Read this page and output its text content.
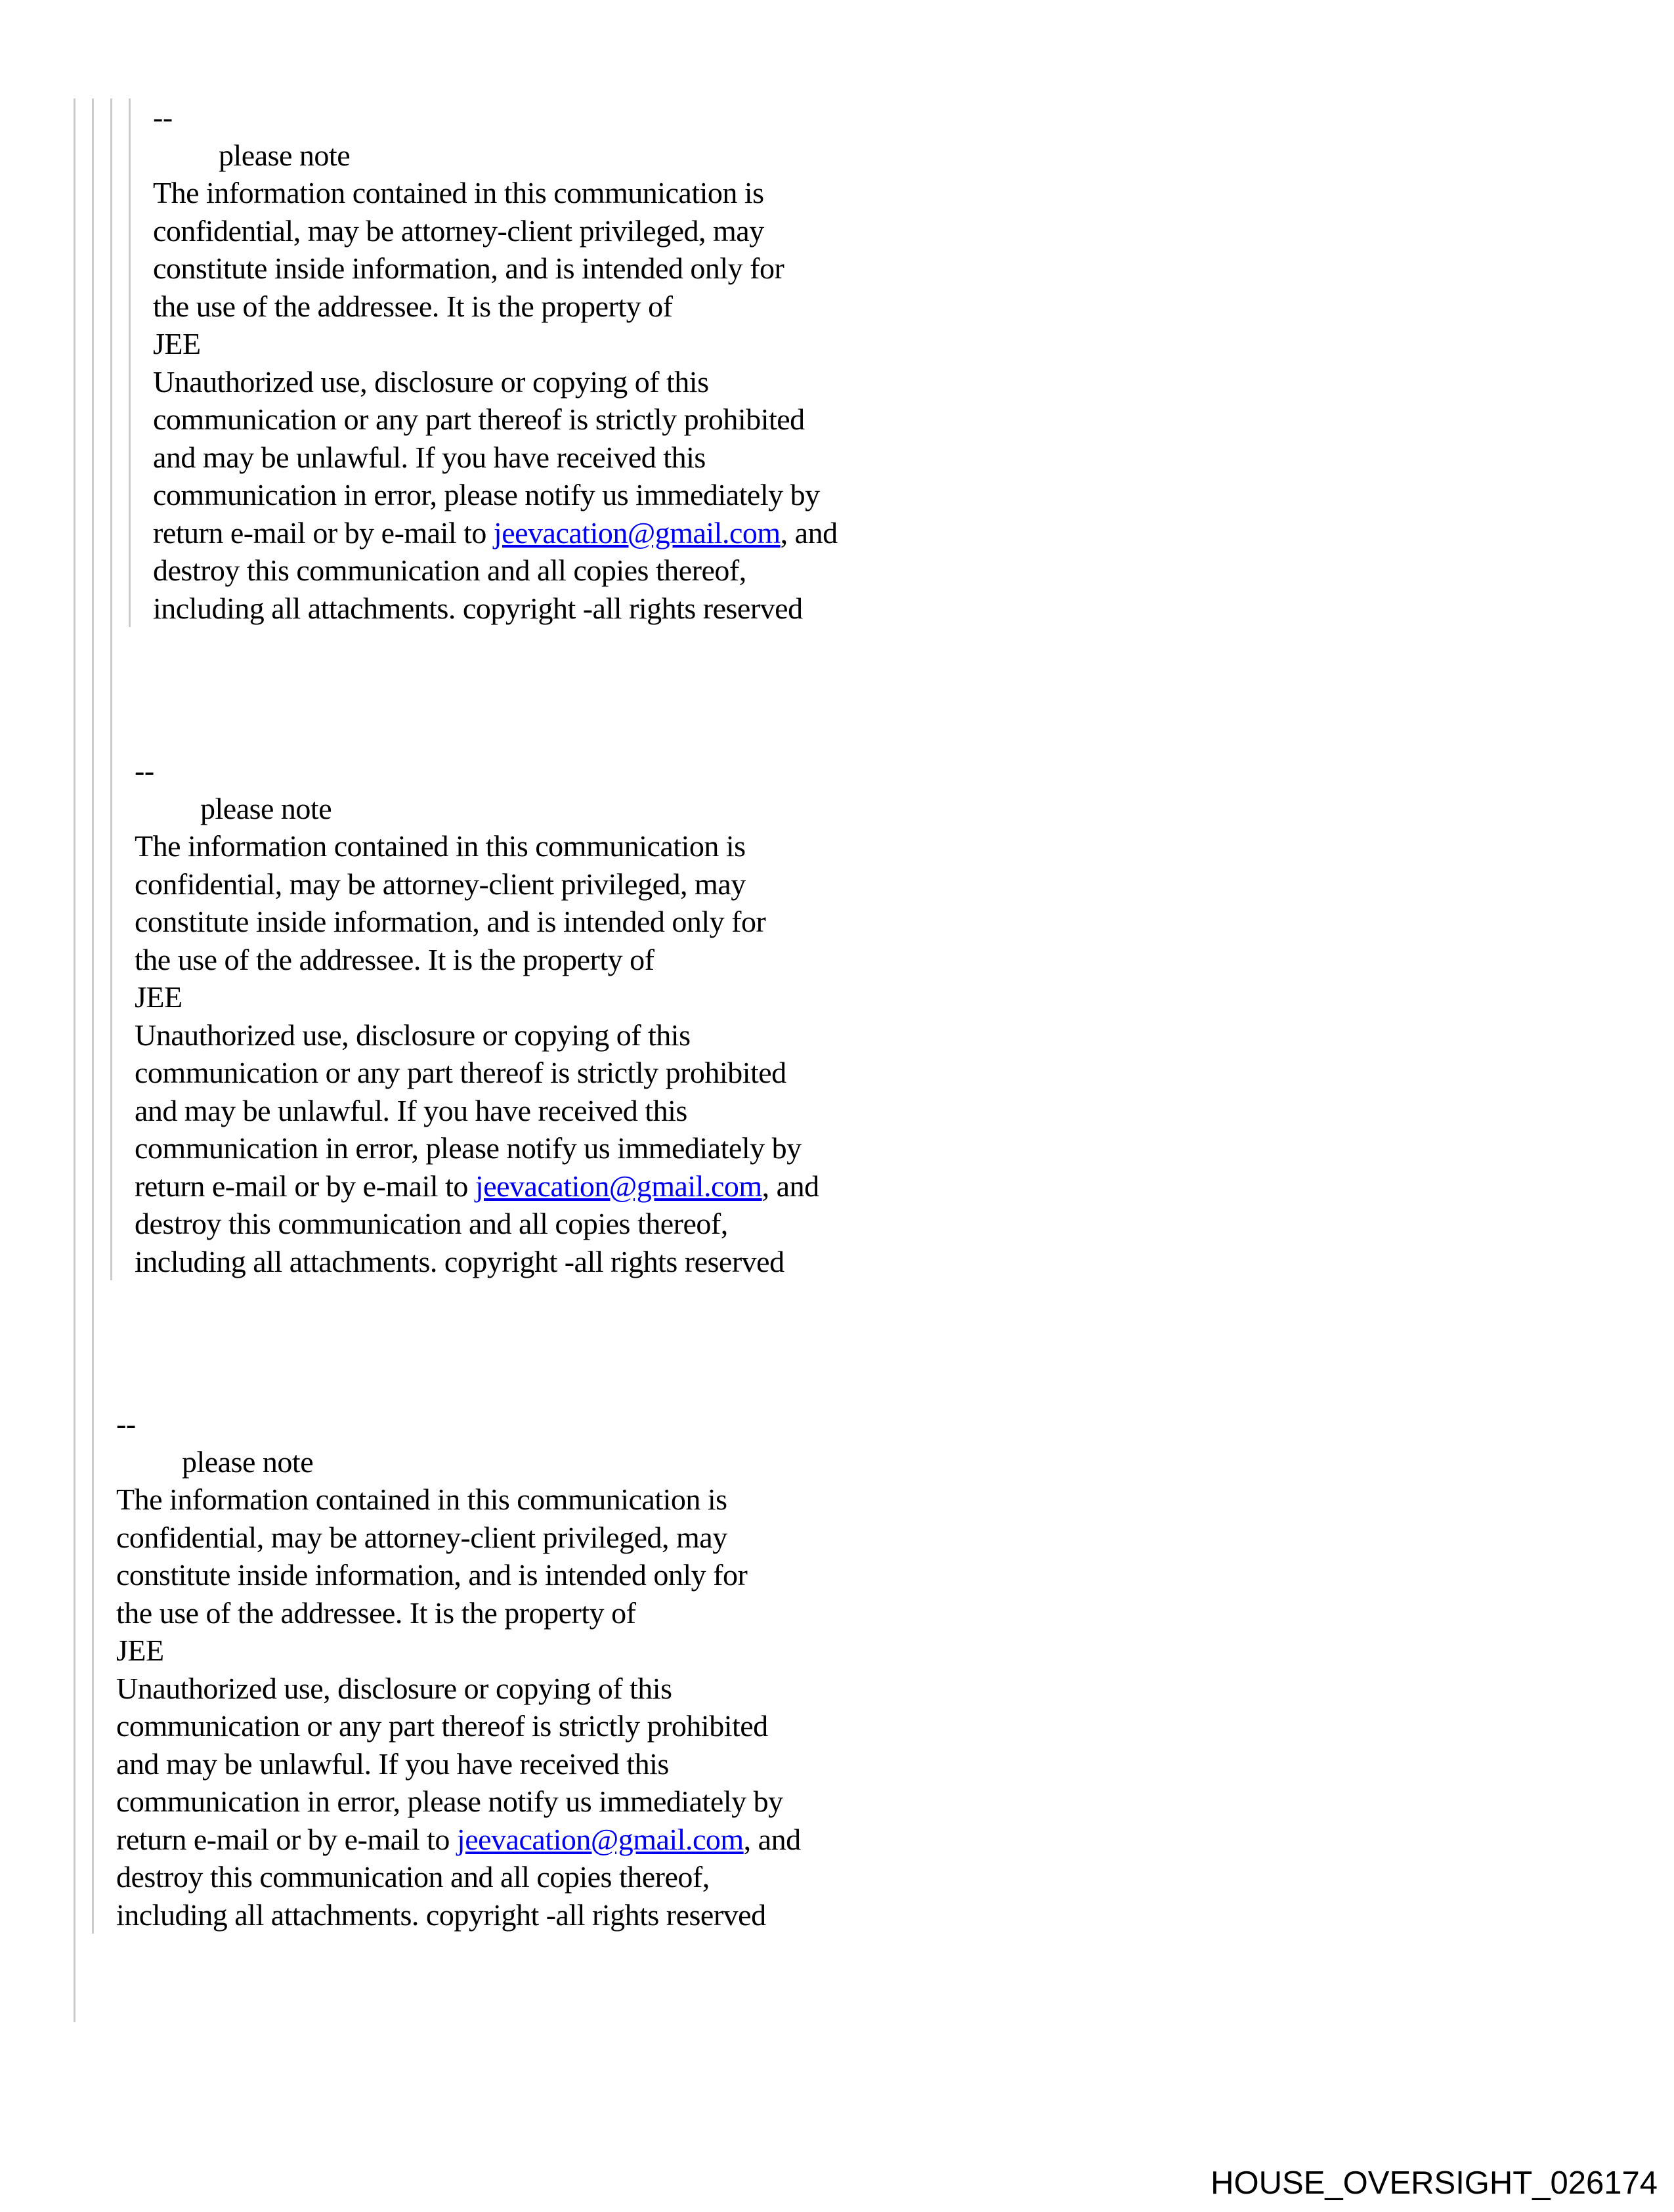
--
please note
The information contained in this communication is
confidential, may be attorney-client privileged, may
constitute inside information, and is intended only for
the use of the addressee. It is the property of
JEE
Unauthorized use, disclosure or copying of this
communication or any part thereof is strictly prohibited
and may be unlawful. If you have received this
communication in error, please notify us immediately by
return e-mail or by e-mail to jeevacation@gmail.com, and
destroy this communication and all copies thereof,
including all attachments. copyright -all rights reserved
--
please note
The information contained in this communication is
confidential, may be attorney-client privileged, may
constitute inside information, and is intended only for
the use of the addressee. It is the property of
JEE
Unauthorized use, disclosure or copying of this
communication or any part thereof is strictly prohibited
and may be unlawful. If you have received this
communication in error, please notify us immediately by
return e-mail or by e-mail to jeevacation@gmail.com, and
destroy this communication and all copies thereof,
including all attachments. copyright -all rights reserved
--
please note
The information contained in this communication is
confidential, may be attorney-client privileged, may
constitute inside information, and is intended only for
the use of the addressee. It is the property of
JEE
Unauthorized use, disclosure or copying of this
communication or any part thereof is strictly prohibited
and may be unlawful. If you have received this
communication in error, please notify us immediately by
return e-mail or by e-mail to jeevacation@gmail.com, and
destroy this communication and all copies thereof,
including all attachments. copyright -all rights reserved
HOUSE_OVERSIGHT_026174
